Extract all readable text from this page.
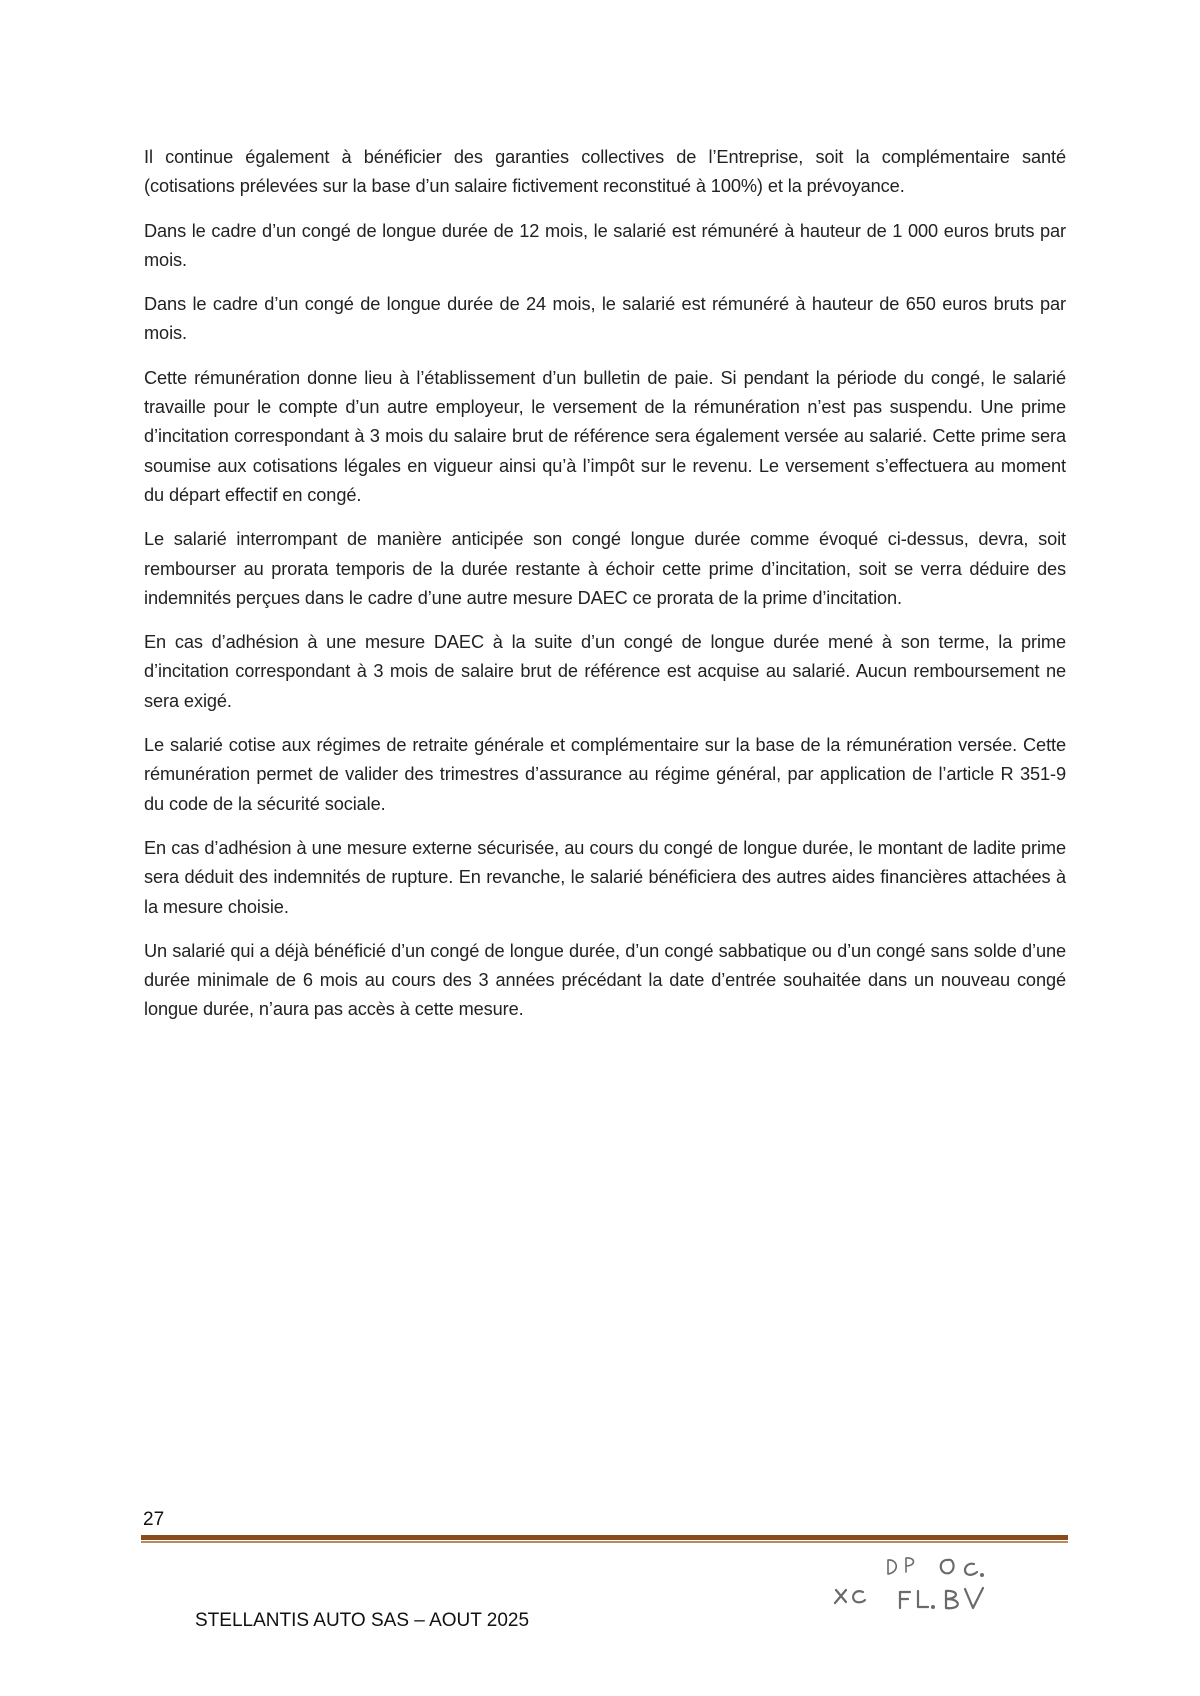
Il continue également à bénéficier des garanties collectives de l’Entreprise, soit la complémentaire santé (cotisations prélevées sur la base d’un salaire fictivement reconstitué à 100%) et la prévoyance.

Dans le cadre d’un congé de longue durée de 12 mois, le salarié est rémunéré à hauteur de 1 000 euros bruts par mois.

Dans le cadre d’un congé de longue durée de 24 mois, le salarié est rémunéré à hauteur de 650 euros bruts par mois.

Cette rémunération donne lieu à l’établissement d’un bulletin de paie. Si pendant la période du congé, le salarié travaille pour le compte d’un autre employeur, le versement de la rémunération n’est pas suspendu. Une prime d’incitation correspondant à 3 mois du salaire brut de référence sera également versée au salarié. Cette prime sera soumise aux cotisations légales en vigueur ainsi qu’à l’impôt sur le revenu. Le versement s’effectuera au moment du départ effectif en congé.

Le salarié interrompant de manière anticipée son congé longue durée comme évoqué ci-dessus, devra, soit rembourser au prorata temporis de la durée restante à échoir cette prime d’incitation, soit se verra déduire des indemnités perçues dans le cadre d’une autre mesure DAEC ce prorata de la prime d’incitation.

En cas d’adhésion à une mesure DAEC à la suite d’un congé de longue durée mené à son terme, la prime d’incitation correspondant à 3 mois de salaire brut de référence est acquise au salarié. Aucun remboursement ne sera exigé.

Le salarié cotise aux régimes de retraite générale et complémentaire sur la base de la rémunération versée. Cette rémunération permet de valider des trimestres d’assurance au régime général, par application de l’article R 351-9 du code de la sécurité sociale.

En cas d’adhésion à une mesure externe sécurisée, au cours du congé de longue durée, le montant de ladite prime sera déduit des indemnités de rupture. En revanche, le salarié bénéficiera des autres aides financières attachées à la mesure choisie.

Un salarié qui a déjà bénéficié d’un congé de longue durée, d’un congé sabbatique ou d’un congé sans solde d’une durée minimale de 6 mois au cours des 3 années précédant la date d’entrée souhaitée dans un nouveau congé longue durée, n’aura pas accès à cette mesure.

27
STELLANTIS AUTO SAS – AOUT 2025
